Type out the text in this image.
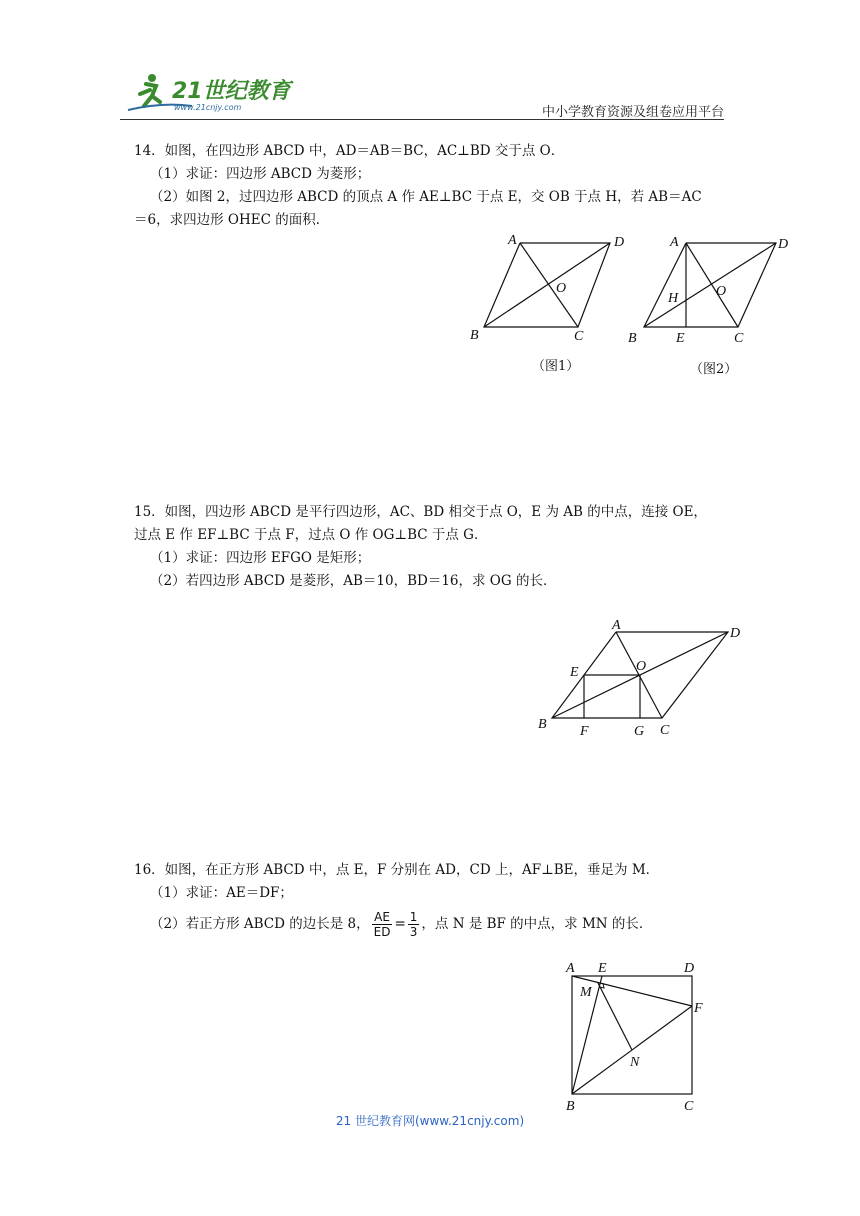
21世纪教育
www.21cnjy.com	中小学教育资源及组卷应用平台
14．如图，在四边形 ABCD 中，AD＝AB＝BC，AC⊥BD 交于点 O．
（1）求证：四边形 ABCD 为菱形；
（2）如图 2，过四边形 ABCD 的顶点 A 作 AE⊥BC 于点 E，交 OB 于点 H，若 AB＝AC
＝6，求四边形 OHEC 的面积．
A	D
B	C
O
（图1）
A	D
B	C
E
H	O
（图2）
15．如图，四边形 ABCD 是平行四边形，AC、BD 相交于点 O，E 为 AB 的中点，连接 OE，
过点 E 作 EF⊥BC 于点 F，过点 O 作 OG⊥BC 于点 G．
（1）求证：四边形 EFGO 是矩形；
（2）若四边形 ABCD 是菱形，AB＝10，BD＝16，求 OG 的长．
A
D
B	C
E
F	G
O
16．如图，在正方形 ABCD 中，点 E，F 分别在 AD，CD 上，AF⊥BE，垂足为 M．
（1）求证：AE＝DF；
（2）若正方形 ABCD 的边长是 8， $\frac{AE}{ED} = \frac{1}{3}$ ，点 N 是 BF 的中点，求 MN 的长．
A E	D
M
F
N
B	C
21 世纪教育网(www.21cnjy.com)
